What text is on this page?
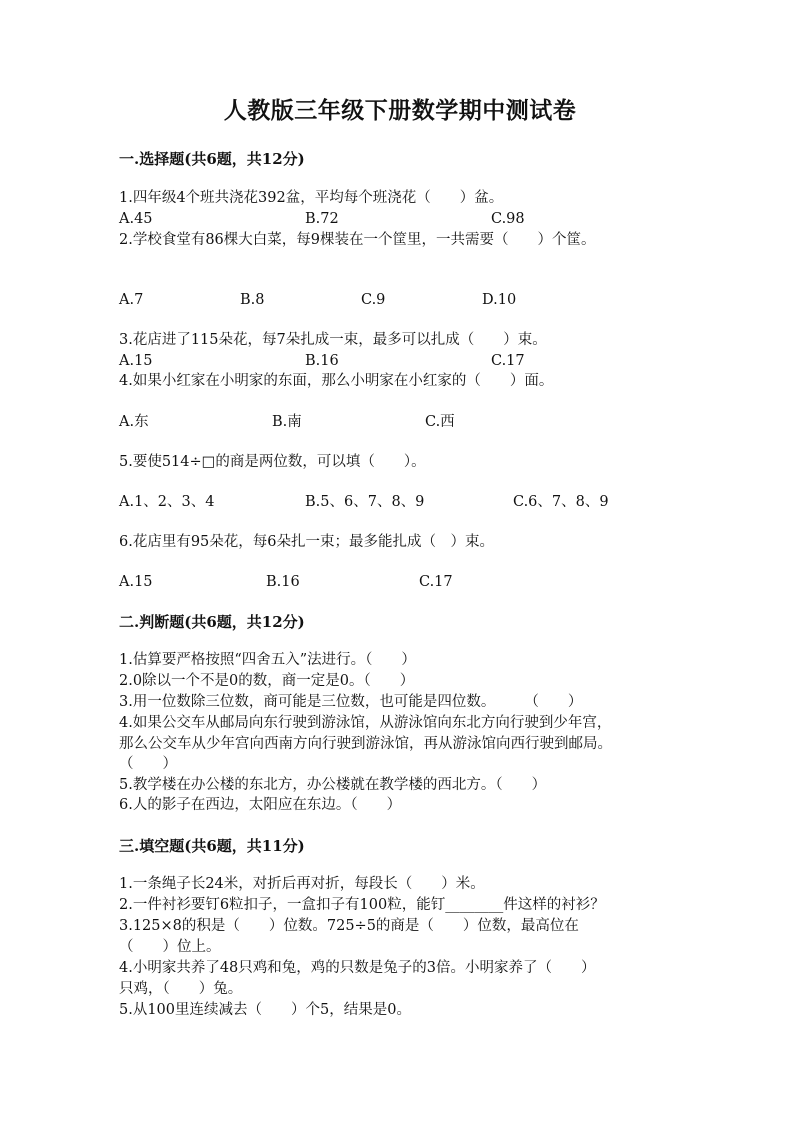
人教版三年级下册数学期中测试卷
一.选择题(共6题，共12分)
1.四年级4个班共浇花392盆，平均每个班浇花（　　）盆。
A.45	B.72	C.98
2.学校食堂有86棵大白菜，每9棵装在一个筐里，一共需要（　　）个筐。
A.7	B.8	C.9	D.10
3.花店进了115朵花，每7朵扎成一束，最多可以扎成（　　）束。
A.15	B.16	C.17
4.如果小红家在小明家的东面，那么小明家在小红家的（　　）面。
A.东	B.南	C.西
5.要使514÷□的商是两位数，可以填（　　）。
A.1、2、3、4	B.5、6、7、8、9	C.6、7、8、9
6.花店里有95朵花，每6朵扎一束；最多能扎成（　）束。
A.15	B.16	C.17
二.判断题(共6题，共12分)
1.估算要严格按照“四舍五入”法进行。（　　）
2.0除以一个不是0的数，商一定是0。（　　）
3.用一位数除三位数，商可能是三位数，也可能是四位数。　　　（　　）
4.如果公交车从邮局向东行驶到游泳馆，从游泳馆向东北方向行驶到少年宫，
那么公交车从少年宫向西南方向行驶到游泳馆，再从游泳馆向西行驶到邮局。
（　　）
5.教学楼在办公楼的东北方，办公楼就在教学楼的西北方。（　　）
6.人的影子在西边，太阳应在东边。（　　）
三.填空题(共6题，共11分)
1.一条绳子长24米，对折后再对折，每段长（　　）米。
2.一件衬衫要钉6粒扣子，一盒扣子有100粒，能钉________件这样的衬衫？
3.125×8的积是（　　）位数。725÷5的商是（　　）位数，最高位在
（　　）位上。
4.小明家共养了48只鸡和兔，鸡的只数是兔子的3倍。小明家养了（　　）
只鸡，（　　）兔。
5.从100里连续减去（　　）个5，结果是0。
